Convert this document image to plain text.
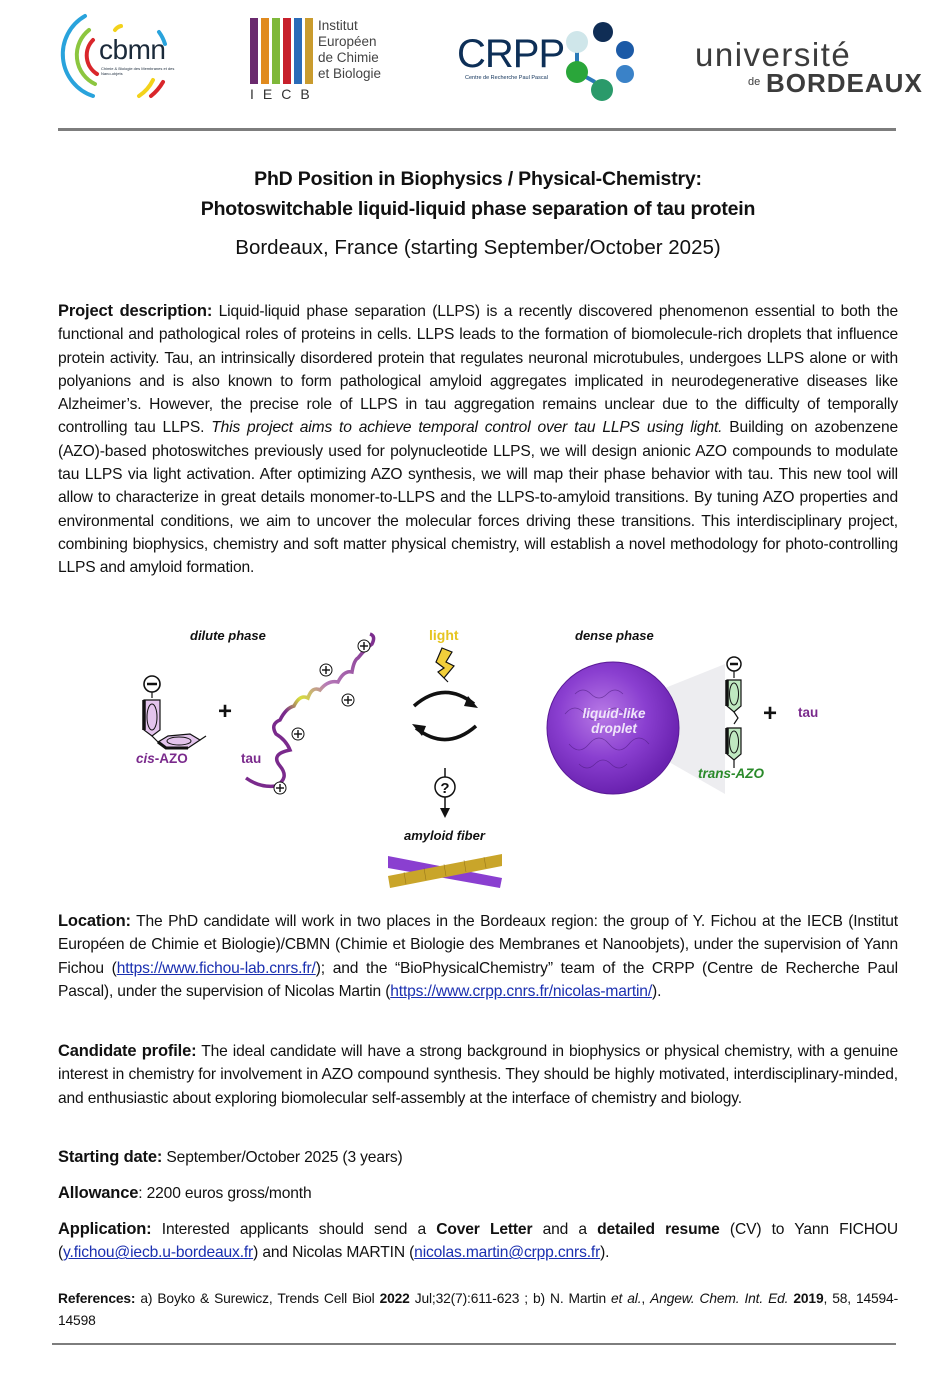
cbmn
Chimie & Biologie des Membranes et des Nano-objets
Institut
Européen
de Chimie
et Biologie
IECB
CRPP
Centre de Recherche Paul Pascal
université
de BORDEAUX
PhD Position in Biophysics / Physical-Chemistry:
Photoswitchable liquid-liquid phase separation of tau protein
Bordeaux, France (starting September/October 2025)
Project description: Liquid-liquid phase separation (LLPS) is a recently discovered phenomenon essential to both the functional and pathological roles of proteins in cells. LLPS leads to the formation of biomolecule-rich droplets that influence protein activity. Tau, an intrinsically disordered protein that regulates neuronal microtubules, undergoes LLPS alone or with polyanions and is also known to form pathological amyloid aggregates implicated in neurodegenerative diseases like Alzheimer’s. However, the precise role of LLPS in tau aggregation remains unclear due to the difficulty of temporally controlling tau LLPS. This project aims to achieve temporal control over tau LLPS using light. Building on azobenzene (AZO)-based photoswitches previously used for polynucleotide LLPS, we will design anionic AZO compounds to modulate tau LLPS via light activation. After optimizing AZO synthesis, we will map their phase behavior with tau. This new tool will allow to characterize in great details monomer-to-LLPS and the LLPS-to-amyloid transitions. By tuning AZO properties and environmental conditions, we aim to uncover the molecular forces driving these transitions. This interdisciplinary project, combining biophysics, chemistry and soft matter physical chemistry, will establish a novel methodology for photo-controlling LLPS and amyloid formation.
dilute phase	dense phase
light
cis-AZO
+
tau
?
liquid-like
droplet
trans-AZO
+ tau
amyloid fiber
Location: The PhD candidate will work in two places in the Bordeaux region: the group of Y. Fichou at the IECB (Institut Européen de Chimie et Biologie)/CBMN (Chimie et Biologie des Membranes et Nanoobjets), under the supervision of Yann Fichou (https://www.fichou-lab.cnrs.fr/); and the “BioPhysicalChemistry” team of the CRPP (Centre de Recherche Paul Pascal), under the supervision of Nicolas Martin (https://www.crpp.cnrs.fr/nicolas-martin/).
Candidate profile: The ideal candidate will have a strong background in biophysics or physical chemistry, with a genuine interest in chemistry for involvement in AZO compound synthesis. They should be highly motivated, interdisciplinary-minded, and enthusiastic about exploring biomolecular self-assembly at the interface of chemistry and biology.
Starting date: September/October 2025 (3 years)
Allowance: 2200 euros gross/month
Application: Interested applicants should send a Cover Letter and a detailed resume (CV) to Yann FICHOU (y.fichou@iecb.u-bordeaux.fr) and Nicolas MARTIN (nicolas.martin@crpp.cnrs.fr).
References: a) Boyko & Surewicz, Trends Cell Biol 2022 Jul;32(7):611-623 ; b) N. Martin et al., Angew. Chem. Int. Ed. 2019, 58, 14594-14598
